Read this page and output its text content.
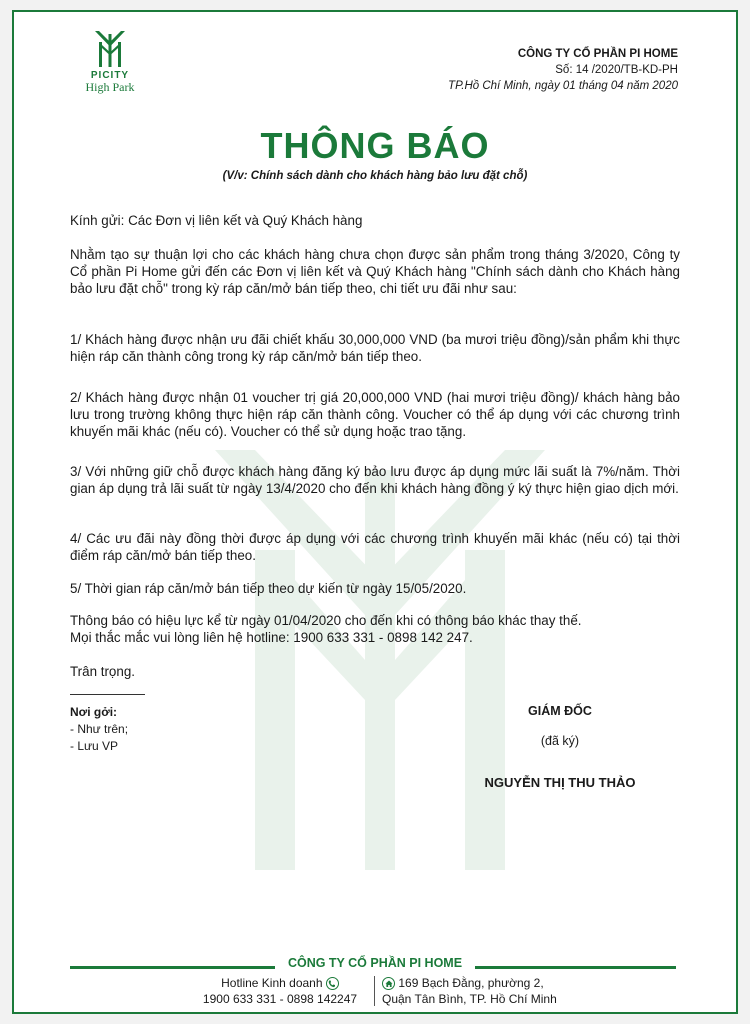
PICITY
High Park
CÔNG TY CỔ PHẦN PI HOME
Số: 14 /2020/TB-KD-PH
TP.Hồ Chí Minh, ngày 01 tháng 04 năm 2020
THÔNG BÁO
(V/v: Chính sách dành cho khách hàng bảo lưu đặt chỗ)
Kính gửi: Các Đơn vị liên kết và Quý Khách hàng
Nhằm tạo sự thuận lợi cho các khách hàng chưa chọn được sản phẩm trong tháng 3/2020, Công ty Cổ phần Pi Home gửi đến các Đơn vị liên kết và Quý Khách hàng "Chính sách dành cho Khách hàng bảo lưu đặt chỗ" trong kỳ ráp căn/mở bán tiếp theo, chi tiết ưu đãi như sau:
1/ Khách hàng được nhận ưu đãi chiết khấu 30,000,000 VND (ba mươi triệu đồng)/sản phẩm khi thực hiện ráp căn thành công trong kỳ ráp căn/mở bán tiếp theo.
2/ Khách hàng được nhận 01 voucher trị giá 20,000,000 VND (hai mươi triệu đồng)/ khách hàng bảo lưu trong trường không thực hiện ráp căn thành công. Voucher có thể áp dụng với các chương trình khuyến mãi khác (nếu có). Voucher có thể sử dụng hoặc trao tặng.
3/ Với những giữ chỗ được khách hàng đăng ký bảo lưu được áp dụng mức lãi suất là 7%/năm. Thời gian áp dụng trả lãi suất từ ngày 13/4/2020 cho đến khi khách hàng đồng ý ký thực hiện giao dịch mới.
4/ Các ưu đãi này đồng thời được áp dụng với các chương trình khuyến mãi khác (nếu có) tại thời điểm ráp căn/mở bán tiếp theo.
5/ Thời gian ráp căn/mở bán tiếp theo dự kiến từ ngày 15/05/2020.
Thông báo có hiệu lực kể từ ngày 01/04/2020 cho đến khi có thông báo khác thay thế.
Mọi thắc mắc vui lòng liên hệ hotline: 1900 633 331 - 0898 142 247.
Trân trọng.
Nơi gởi:
- Như trên;
- Lưu VP
GIÁM ĐỐC
(đã ký)
NGUYỄN THỊ THU THẢO
CÔNG TY CỔ PHẦN PI HOME
Hotline Kinh doanh
1900 633 331 - 0898 142247
169 Bạch Đằng, phường 2,
Quận Tân Bình, TP. Hồ Chí Minh
